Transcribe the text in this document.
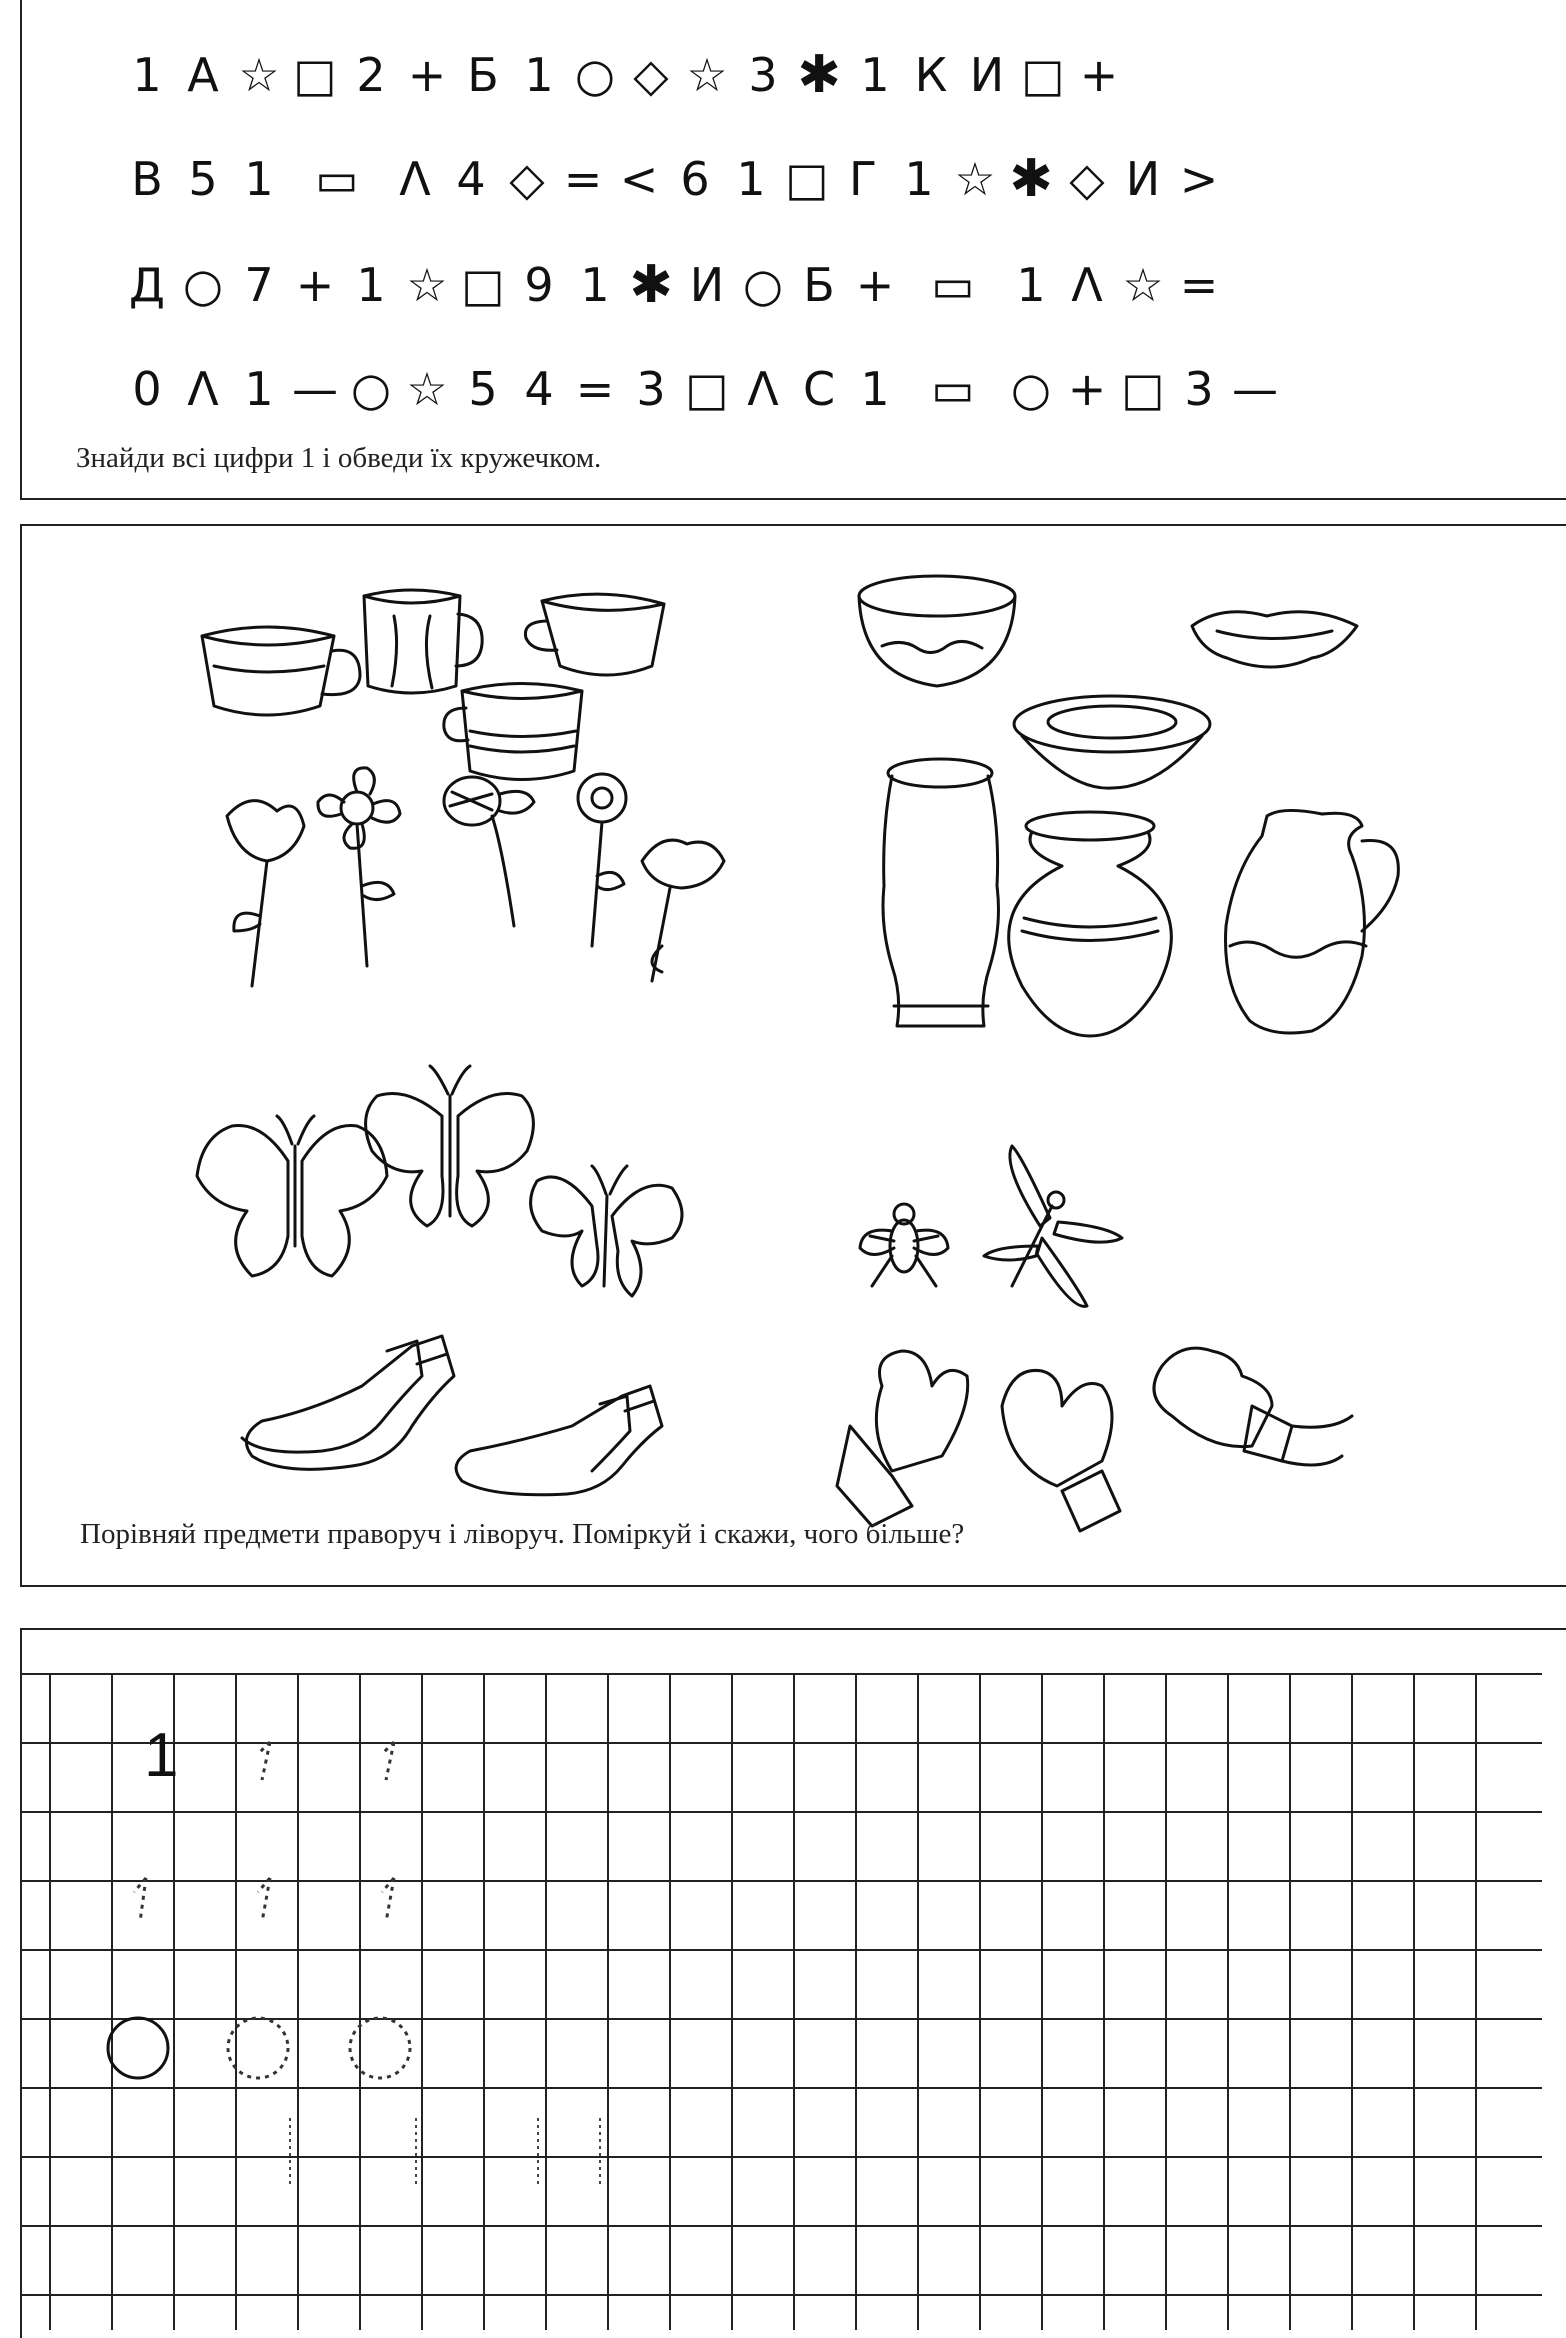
1 А ☆ □ 2 + Б 1 ○ ◇ ☆ 3 ✱ 1 К И □ +
В 5 1 ▭ Λ 4 ◇ = < 6 1 □ Г 1 ☆ ✱ ◇ И >
Д ○ 7 + 1 ☆ □ 9 1 ✱ И ○ Б + ▭ 1 Λ ☆ =
0 Λ 1 — ○ ☆ 5 4 = 3 □ Λ С 1 ▭ ○ + □ 3 —
Знайди всі цифри 1 і обведи їх кружечком.
Порівняй предмети праворуч і ліворуч. Поміркуй і скажи, чого більше?
1
